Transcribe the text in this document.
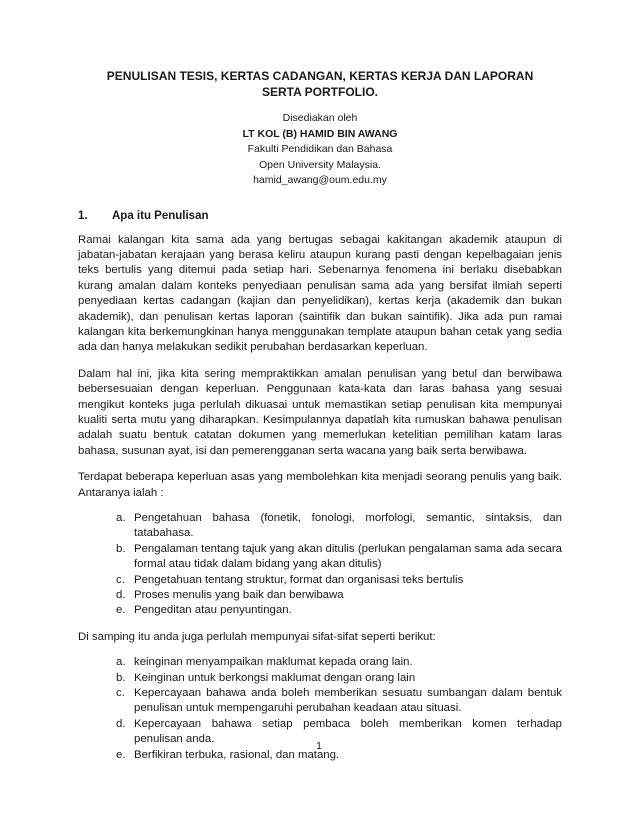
PENULISAN TESIS, KERTAS CADANGAN, KERTAS KERJA DAN LAPORAN
SERTA PORTFOLIO.
Disediakan oleh
LT KOL (B) HAMID BIN AWANG
Fakulti Pendidikan dan Bahasa
Open University Malaysia.
hamid_awang@oum.edu.my
1.	Apa itu Penulisan

Ramai kalangan kita sama ada yang bertugas sebagai kakitangan akademik ataupun di jabatan-jabatan kerajaan yang berasa keliru ataupun kurang pasti dengan kepelbagaian jenis teks bertulis yang ditemui pada setiap hari. Sebenarnya fenomena ini berlaku disebabkan kurang amalan dalam konteks penyediaan penulisan sama ada yang bersifat ilmiah seperti penyediaan kertas cadangan (kajian dan penyelidikan), kertas kerja (akademik dan bukan akademik), dan penulisan kertas laporan (saintifik dan bukan saintifik). Jika ada pun ramai kalangan kita berkemungkinan hanya menggunakan template ataupun bahan cetak yang sedia ada dan hanya melakukan sedikit perubahan berdasarkan keperluan.

Dalam hal ini, jika kita sering mempraktikkan amalan penulisan yang betul dan berwibawa bebersesuaian dengan keperluan. Penggunaan kata-kata dan laras bahasa yang sesuai mengikut konteks juga perlulah dikuasai untuk memastikan setiap penulisan kita mempunyai kualiti serta mutu yang diharapkan. Kesimpulannya dapatlah kita rumuskan bahawa penulisan adalah suatu bentuk catatan dokumen yang memerlukan ketelitian pemilihan katam laras bahasa, susunan ayat, isi dan pemerengganan serta wacana yang baik serta berwibawa.

Terdapat beberapa keperluan asas yang membolehkan kita menjadi seorang penulis yang baik. Antaranya ialah :

a. Pengetahuan bahasa (fonetik, fonologi, morfologi, semantic, sintaksis, dan tatabahasa.
b. Pengalaman tentang tajuk yang akan ditulis (perlukan pengalaman sama ada secara formal atau tidak dalam bidang yang akan ditulis)
c. Pengetahuan tentang struktur, format dan organisasi teks bertulis
d. Proses menulis yang baik dan berwibawa
e. Pengeditan atau penyuntingan.

Di samping itu anda juga perlulah mempunyai sifat-sifat seperti berikut:

a. keinginan menyampaikan maklumat kepada orang lain.
b. Keinginan untuk berkongsi maklumat dengan orang lain
c. Kepercayaan bahawa anda boleh memberikan sesuatu sumbangan dalam bentuk penulisan untuk mempengaruhi perubahan keadaan atau situasi.
d. Kepercayaan bahawa setiap pembaca boleh memberikan komen terhadap penulisan anda.
e. Berfikiran terbuka, rasional, dan matang.
1
